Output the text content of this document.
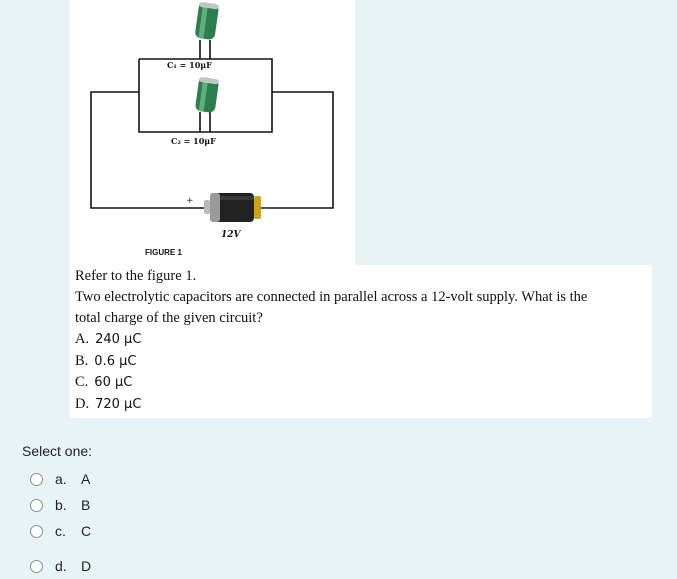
C₁ = 10μF
C₂ = 10μF
+
−
12V
FIGURE 1
Refer to the figure 1.
Two electrolytic capacitors are connected in parallel across a 12-volt supply. What is the
total charge of the given circuit?
A. 240 μC
B. 0.6 μC
C. 60 μC
D. 720 μC
Select one:
a.	A
b.	B
c.	C
d.	D
